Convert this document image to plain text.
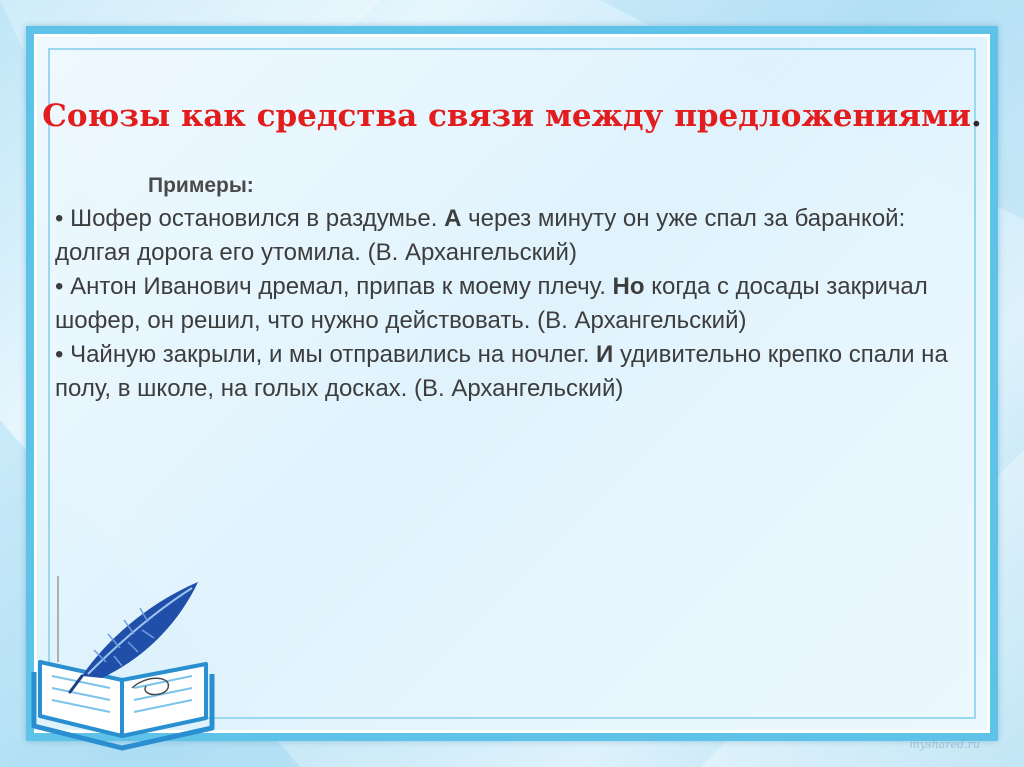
Союзы как средства связи между предложениями.

Примеры:

• Шофер остановился в раздумье. А через минуту он уже спал за баранкой: долгая дорога его утомила. (В. Архангельский)

• Антон Иванович дремал, припав к моему плечу. Но когда с досады закричал шофер, он решил, что нужно действовать. (В. Архангельский)

• Чайную закрыли, и мы отправились на ночлег. И удивительно крепко спали на полу, в школе, на голых досках. (В. Архангельский)

myshared.ru
